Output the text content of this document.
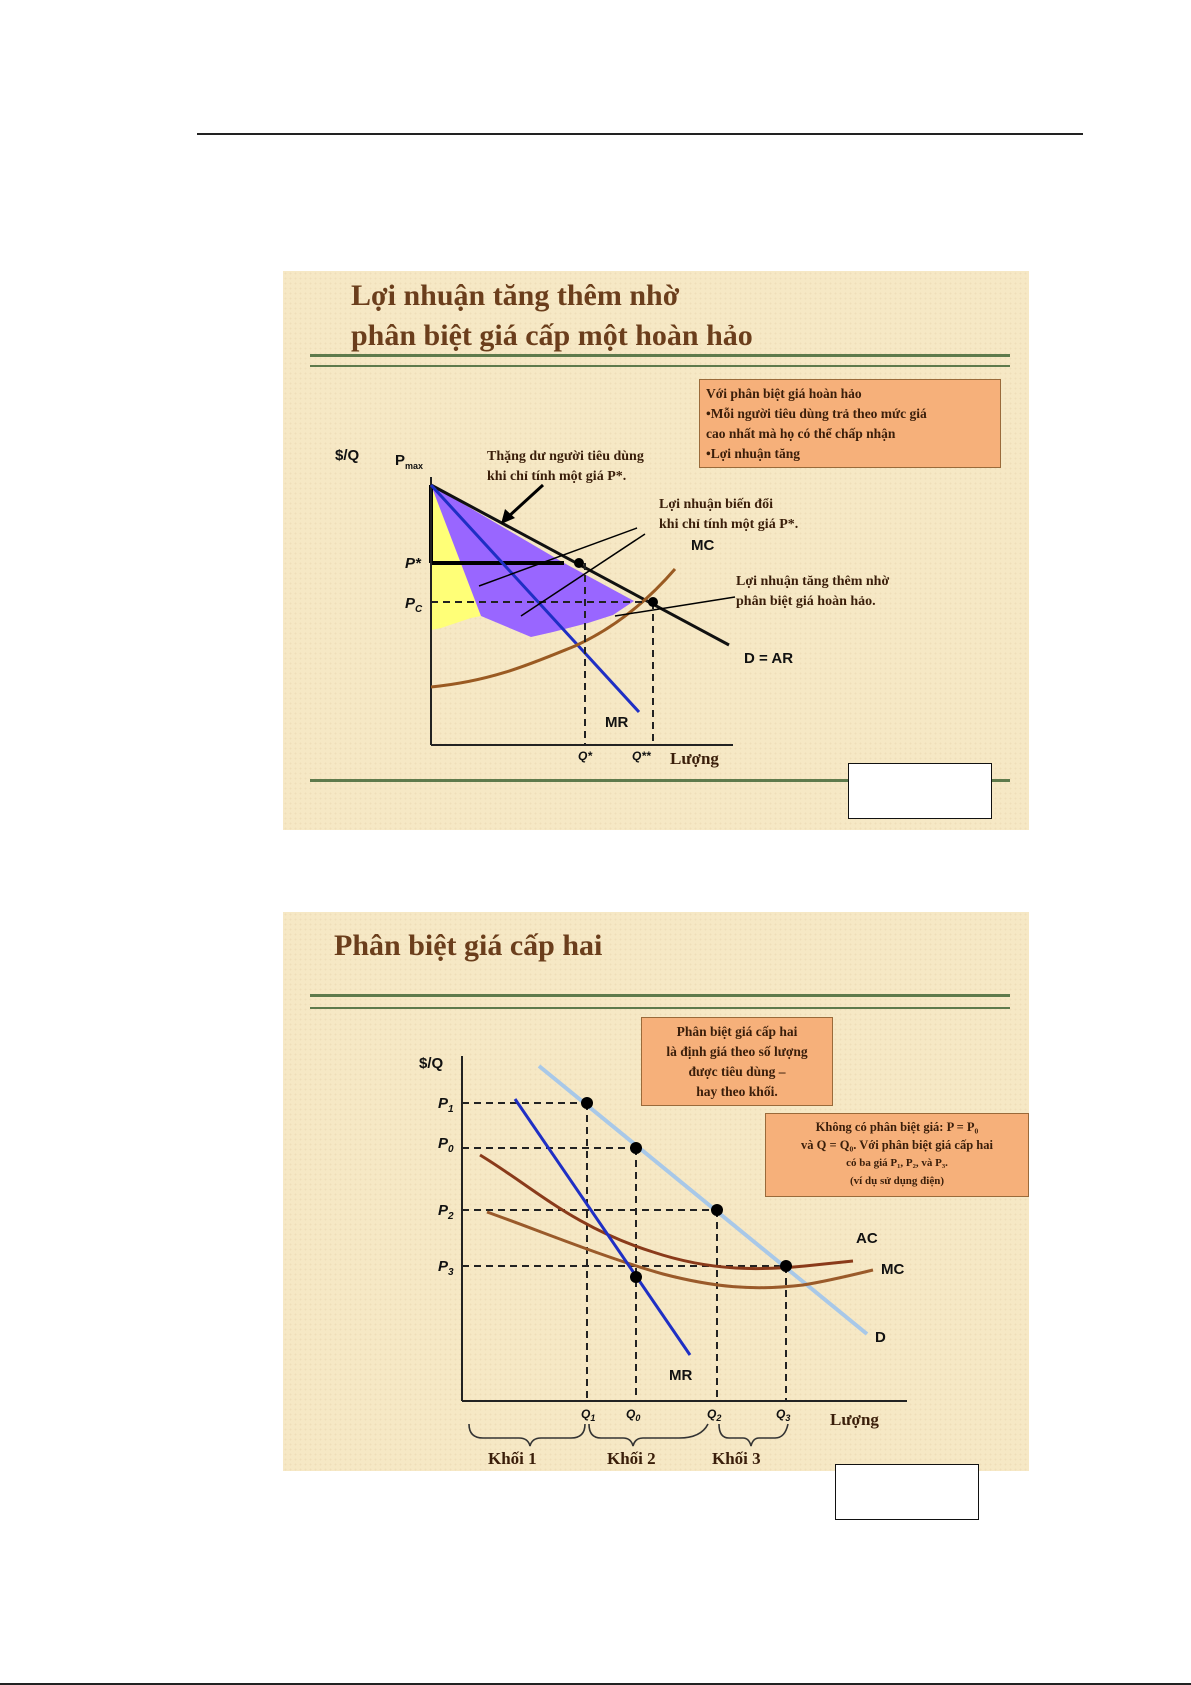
Lợi nhuận tăng thêm nhờ
phân biệt giá cấp một hoàn hảo
Với phân biệt giá hoàn hảo
•Mỗi người tiêu dùng trả theo mức giá
cao nhất mà họ có thể chấp nhận
•Lợi nhuận tăng
$/Q $P_{max}$
P*
$P_C$
MC
D = AR
MR
Q*	Q** Lượng
Thặng dư người tiêu dùng
khi chỉ tính một giá P*.
Lợi nhuận biến đổi
khi chỉ tính một giá P*.
Lợi nhuận tăng thêm nhờ
phân biệt giá hoàn hảo.
Phân biệt giá cấp hai
Phân biệt giá cấp hai
là định giá theo số lượng
được tiêu dùng –
hay theo khối.
Không có phân biệt giá: P = P₀
và Q = Q₀. Với phân biệt giá cấp hai
có ba giá P₁, P₂, và P₃.
(ví dụ sử dụng điện)
$/Q
$P_1$
$P_0$
$P_2$
$P_3$
AC
MC
D
MR
$Q_1$	$Q_0$	$Q_2$	$Q_3$ Lượng
Khối 1	Khối 2	Khối 3
